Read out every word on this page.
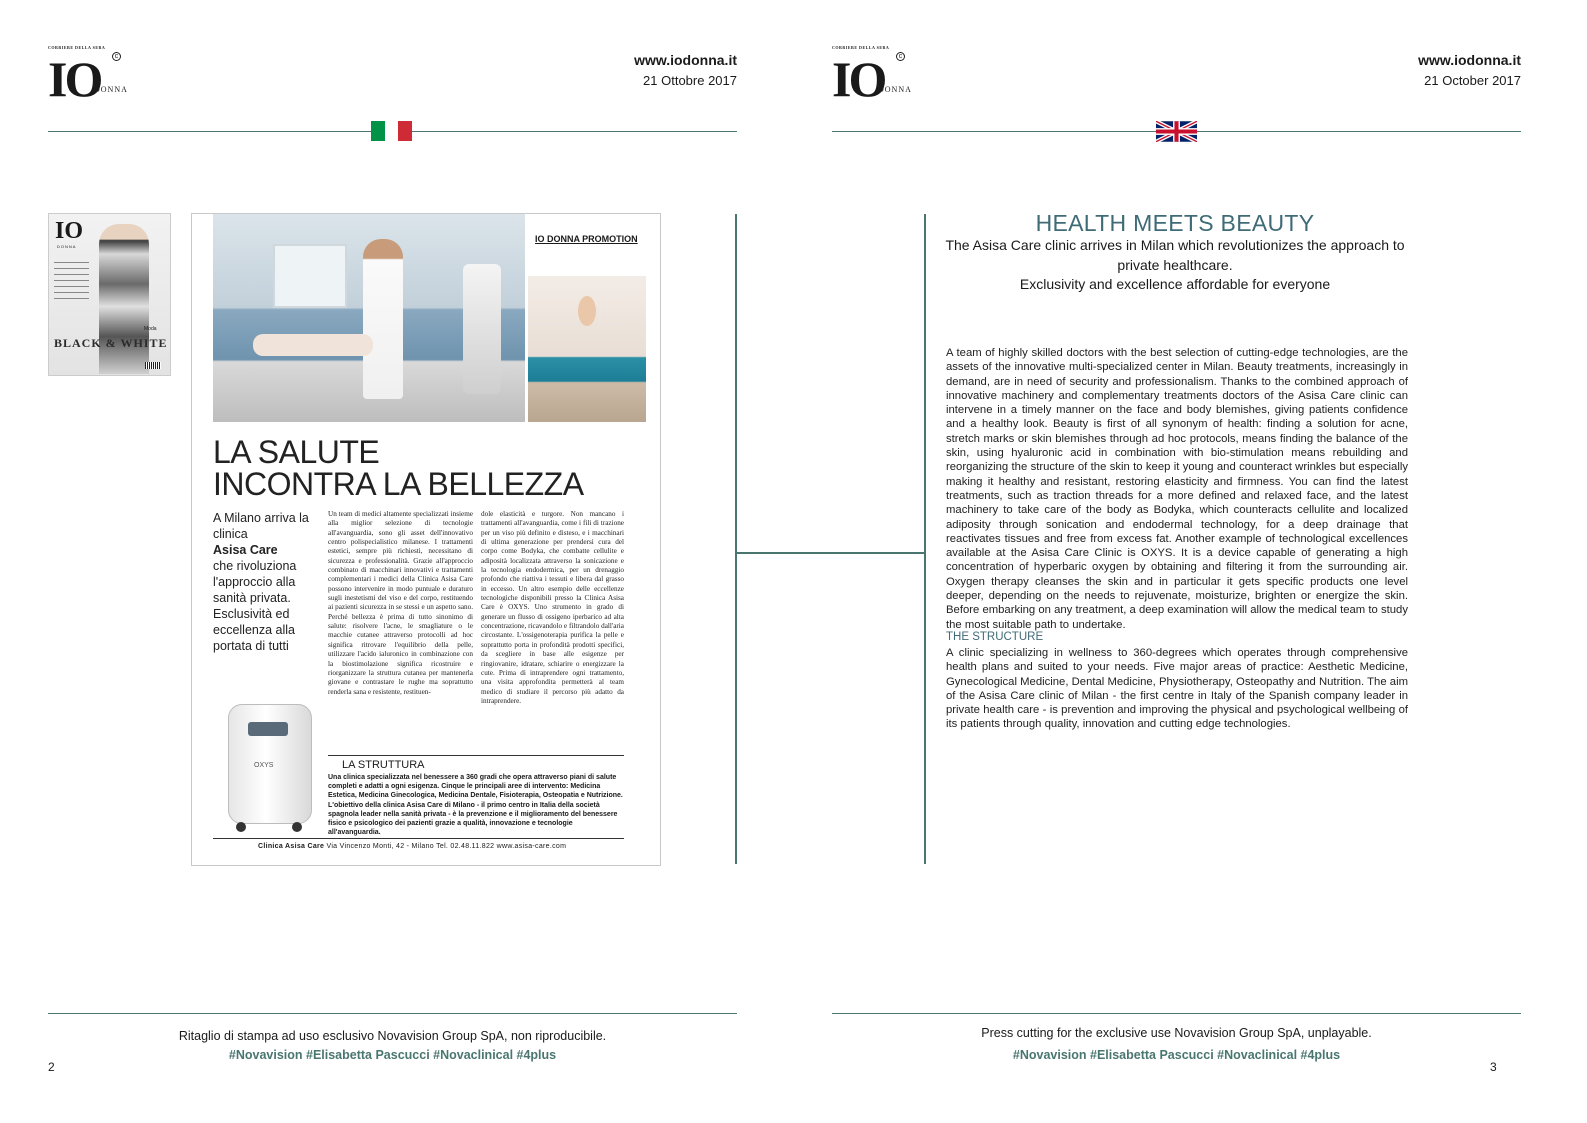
CORRIERE DELLA SERA
IO
DONNA
c	www.iodonna.it
21 Ottobre 2017
CORRIERE DELLA SERA
IO
DONNA
c	www.iodonna.it
21 October 2017
IO
DONNA
Moda
BLACK & WHITE
IO DONNA PROMOTION
LA SALUTE
INCONTRA LA BELLEZZA
A Milano arriva la clinica
Asisa Care
che rivoluziona l'approccio alla sanità privata. Esclusività ed eccellenza alla portata di tutti
Un team di medici altamente specializzati insieme alla miglior selezione di tecnologie all'avanguardia, sono gli asset dell'innovativo centro polispecialistico milanese. I trattamenti estetici, sempre più richiesti, necessitano di sicurezza e professionalità. Grazie all'approccio combinato di macchinari innovativi e trattamenti complementari i medici della Clinica Asisa Care possono intervenire in modo puntuale e duraturo sugli inestetismi del viso e del corpo, restituendo ai pazienti sicurezza in se stessi e un aspetto sano. Perché bellezza è prima di tutto sinonimo di salute: risolvere l'acne, le smagliature o le macchie cutanee attraverso protocolli ad hoc significa ritrovare l'equilibrio della pelle, utilizzare l'acido ialuronico in combinazione con la biostimolazione significa ricostruire e riorganizzare la struttura cutanea per mantenerla giovane e contrastare le rughe ma soprattutto renderla sana e resistente, restituen-
dole elasticità e turgore. Non mancano i trattamenti all'avanguardia, come i fili di trazione per un viso più definito e disteso, e i macchinari di ultima generazione per prendersi cura del corpo come Bodyka, che combatte cellulite e adiposità localizzata attraverso la sonicazione e la tecnologia endodermica, per un drenaggio profondo che riattiva i tessuti e libera dal grasso in eccesso. Un altro esempio delle eccellenze tecnologiche disponibili presso la Clinica Asisa Care è OXYS. Uno strumento in grado di generare un flusso di ossigeno iperbarico ad alta concentrazione, ricavandolo e filtrandolo dall'aria circostante. L'ossigenoterapia purifica la pelle e soprattutto porta in profondità prodotti specifici, da scegliere in base alle esigenze per ringiovanire, idratare, schiarire o energizzare la cute. Prima di intraprendere ogni trattamento, una visita approfondita permetterà al team medico di studiare il percorso più adatto da intraprendere.
OXYS	LA STRUTTURA
Una clinica specializzata nel benessere a 360 gradi che opera attraverso piani di salute completi e adatti a ogni esigenza. Cinque le principali aree di intervento: Medicina Estetica, Medicina Ginecologica, Medicina Dentale, Fisioterapia, Osteopatia e Nutrizione. L'obiettivo della clinica Asisa Care di Milano - il primo centro in Italia della società spagnola leader nella sanità privata - è la prevenzione e il miglioramento del benessere fisico e psicologico dei pazienti grazie a qualità, innovazione e tecnologie all'avanguardia.
Clinica Asisa Care Via Vincenzo Monti, 42 - Milano Tel. 02.48.11.822 www.asisa-care.com
HEALTH MEETS BEAUTY
The Asisa Care clinic arrives in Milan which revolutionizes the approach to private healthcare.
Exclusivity and excellence affordable for everyone
A team of highly skilled doctors with the best selection of cutting-edge technologies, are the assets of the innovative multi-specialized center in Milan. Beauty treatments, increasingly in demand, are in need of security and professionalism. Thanks to the combined approach of innovative machinery and complementary treatments doctors of the Asisa Care clinic can intervene in a timely manner on the face and body blemishes, giving patients confidence and a healthy look. Beauty is first of all synonym of health: finding a solution for acne, stretch marks or skin blemishes through ad hoc protocols, means finding the balance of the skin, using hyaluronic acid in combination with bio-stimulation means rebuilding and reorganizing the structure of the skin to keep it young and counteract wrinkles but especially making it healthy and resistant, restoring elasticity and firmness. You can find the latest treatments, such as traction threads for a more defined and relaxed face, and the latest machinery to take care of the body as Bodyka, which counteracts cellulite and localized adiposity through sonication and endodermal technology, for a deep drainage that reactivates tissues and free from excess fat. Another example of technological excellences available at the Asisa Care Clinic is OXYS. It is a device capable of generating a high concentration of hyperbaric oxygen by obtaining and filtering it from the surrounding air. Oxygen therapy cleanses the skin and in particular it gets specific products one level deeper, depending on the needs to rejuvenate, moisturize, brighten or energize the skin. Before embarking on any treatment, a deep examination will allow the medical team to study the most suitable path to undertake.
THE STRUCTURE
A clinic specializing in wellness to 360-degrees which operates through comprehensive health plans and suited to your needs. Five major areas of practice: Aesthetic Medicine, Gynecological Medicine, Dental Medicine, Physiotherapy, Osteopathy and Nutrition. The aim of the Asisa Care clinic of Milan - the first centre in Italy of the Spanish company leader in private health care - is prevention and improving the physical and psychological wellbeing of its patients through quality, innovation and cutting edge technologies.
Ritaglio di stampa ad uso esclusivo Novavision Group SpA, non riproducibile.
#Novavision #Elisabetta Pascucci #Novaclinical #4plus
2
Press cutting for the exclusive use Novavision Group SpA, unplayable.
#Novavision #Elisabetta Pascucci #Novaclinical #4plus
3
